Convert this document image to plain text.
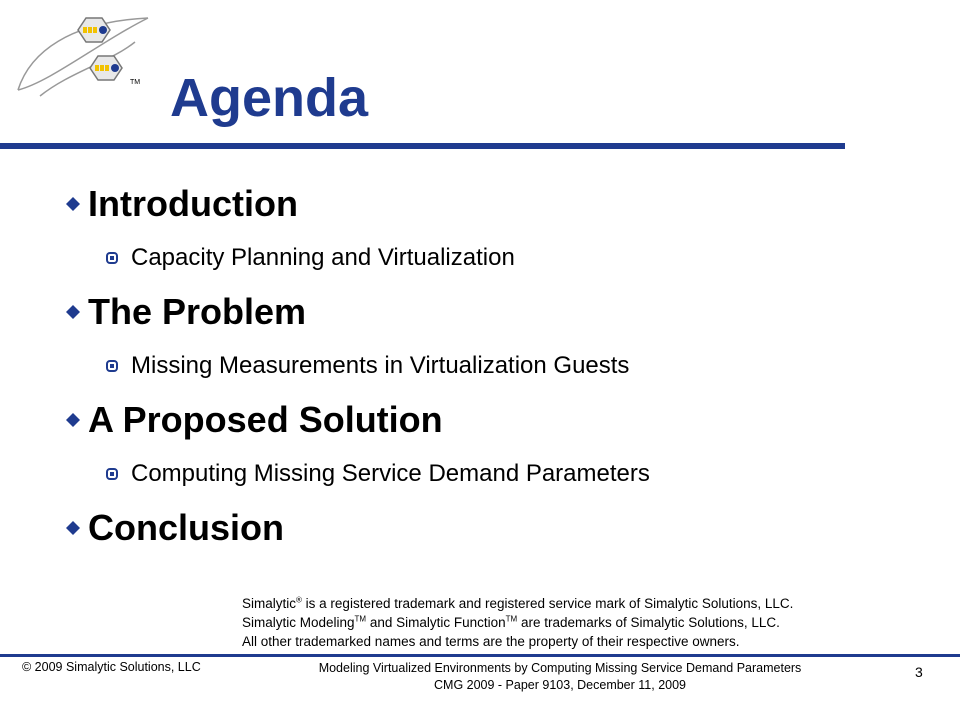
TM Agenda
Introduction
Capacity Planning and Virtualization
The Problem
Missing Measurements in Virtualization Guests
A Proposed Solution
Computing Missing Service Demand Parameters
Conclusion
Simalytic® is a registered trademark and registered service mark of Simalytic Solutions, LLC.
Simalytic Modeling™ and Simalytic Function™ are trademarks of Simalytic Solutions, LLC.
All other trademarked names and terms are the property of their respective owners.
© 2009 Simalytic Solutions, LLC	Modeling Virtualized Environments by Computing Missing Service Demand Parameters
CMG 2009 - Paper 9103, December 11, 2009
3
